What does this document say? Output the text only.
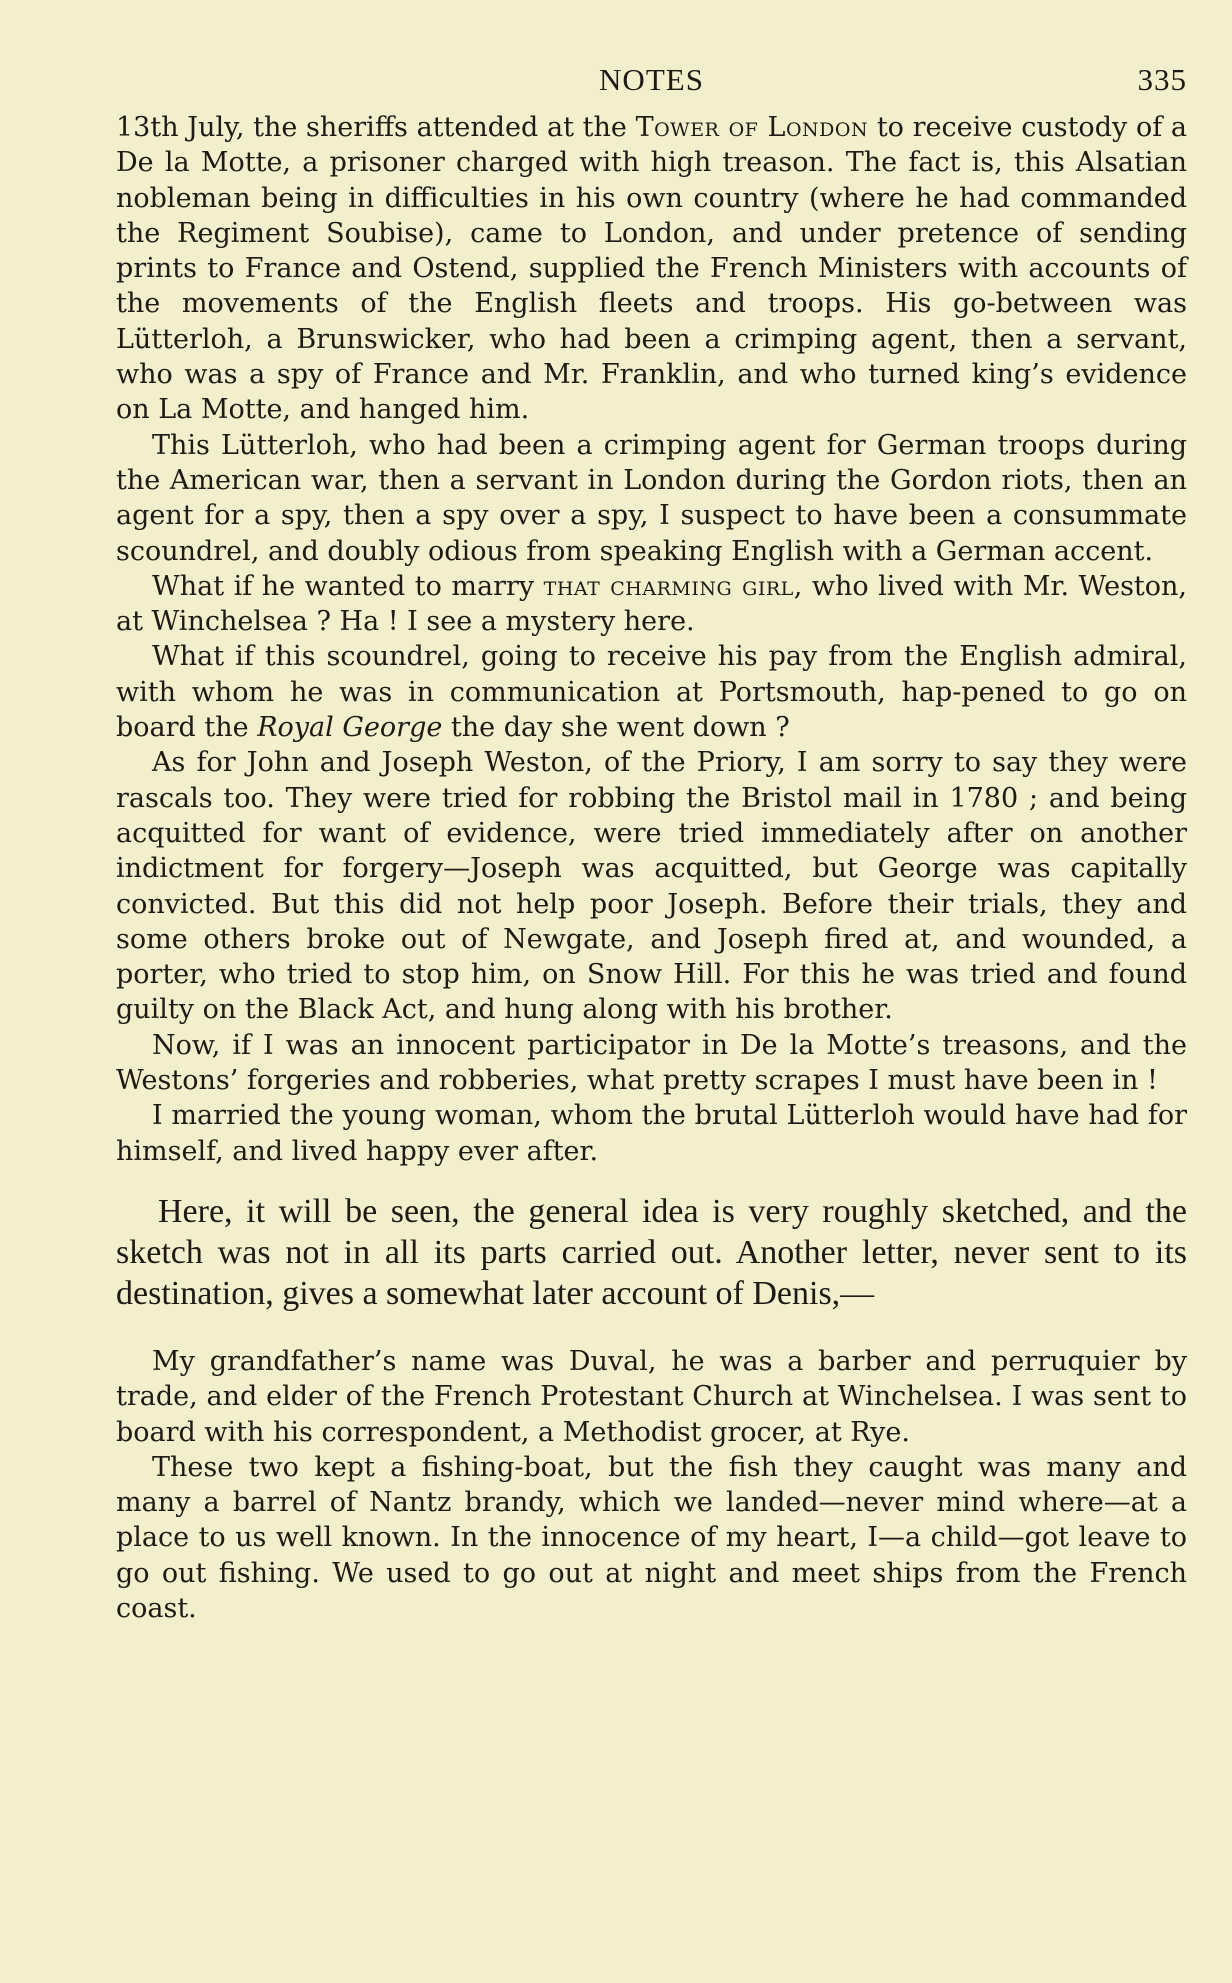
NOTES	335

13th July, the sheriffs attended at the Tower of London to receive custody of a De la Motte, a prisoner charged with high treason. The fact is, this Alsatian nobleman being in difficulties in his own country (where he had commanded the Regiment Soubise), came to London, and under pretence of sending prints to France and Ostend, supplied the French Ministers with accounts of the movements of the English fleets and troops. His go-between was Lütterloh, a Brunswicker, who had been a crimping agent, then a servant, who was a spy of France and Mr. Franklin, and who turned king’s evidence on La Motte, and hanged him.

This Lütterloh, who had been a crimping agent for German troops during the American war, then a servant in London during the Gordon riots, then an agent for a spy, then a spy over a spy, I suspect to have been a consummate scoundrel, and doubly odious from speaking English with a German accent.

What if he wanted to marry that charming girl, who lived with Mr. Weston, at Winchelsea ? Ha ! I see a mystery here.

What if this scoundrel, going to receive his pay from the English admiral, with whom he was in communication at Portsmouth, hap-pened to go on board the Royal George the day she went down ?

As for John and Joseph Weston, of the Priory, I am sorry to say they were rascals too. They were tried for robbing the Bristol mail in 1780 ; and being acquitted for want of evidence, were tried immediately after on another indictment for forgery—Joseph was acquitted, but George was capitally convicted. But this did not help poor Joseph. Before their trials, they and some others broke out of Newgate, and Joseph fired at, and wounded, a porter, who tried to stop him, on Snow Hill. For this he was tried and found guilty on the Black Act, and hung along with his brother.

Now, if I was an innocent participator in De la Motte’s treasons, and the Westons’ forgeries and robberies, what pretty scrapes I must have been in !

I married the young woman, whom the brutal Lütterloh would have had for himself, and lived happy ever after.

Here, it will be seen, the general idea is very roughly sketched, and the sketch was not in all its parts carried out. Another letter, never sent to its destination, gives a somewhat later account of Denis,—

My grandfather’s name was Duval, he was a barber and perruquier by trade, and elder of the French Protestant Church at Winchelsea. I was sent to board with his correspondent, a Methodist grocer, at Rye.

These two kept a fishing-boat, but the fish they caught was many and many a barrel of Nantz brandy, which we landed—never mind where—at a place to us well known. In the innocence of my heart, I—a child—got leave to go out fishing. We used to go out at night and meet ships from the French coast.
